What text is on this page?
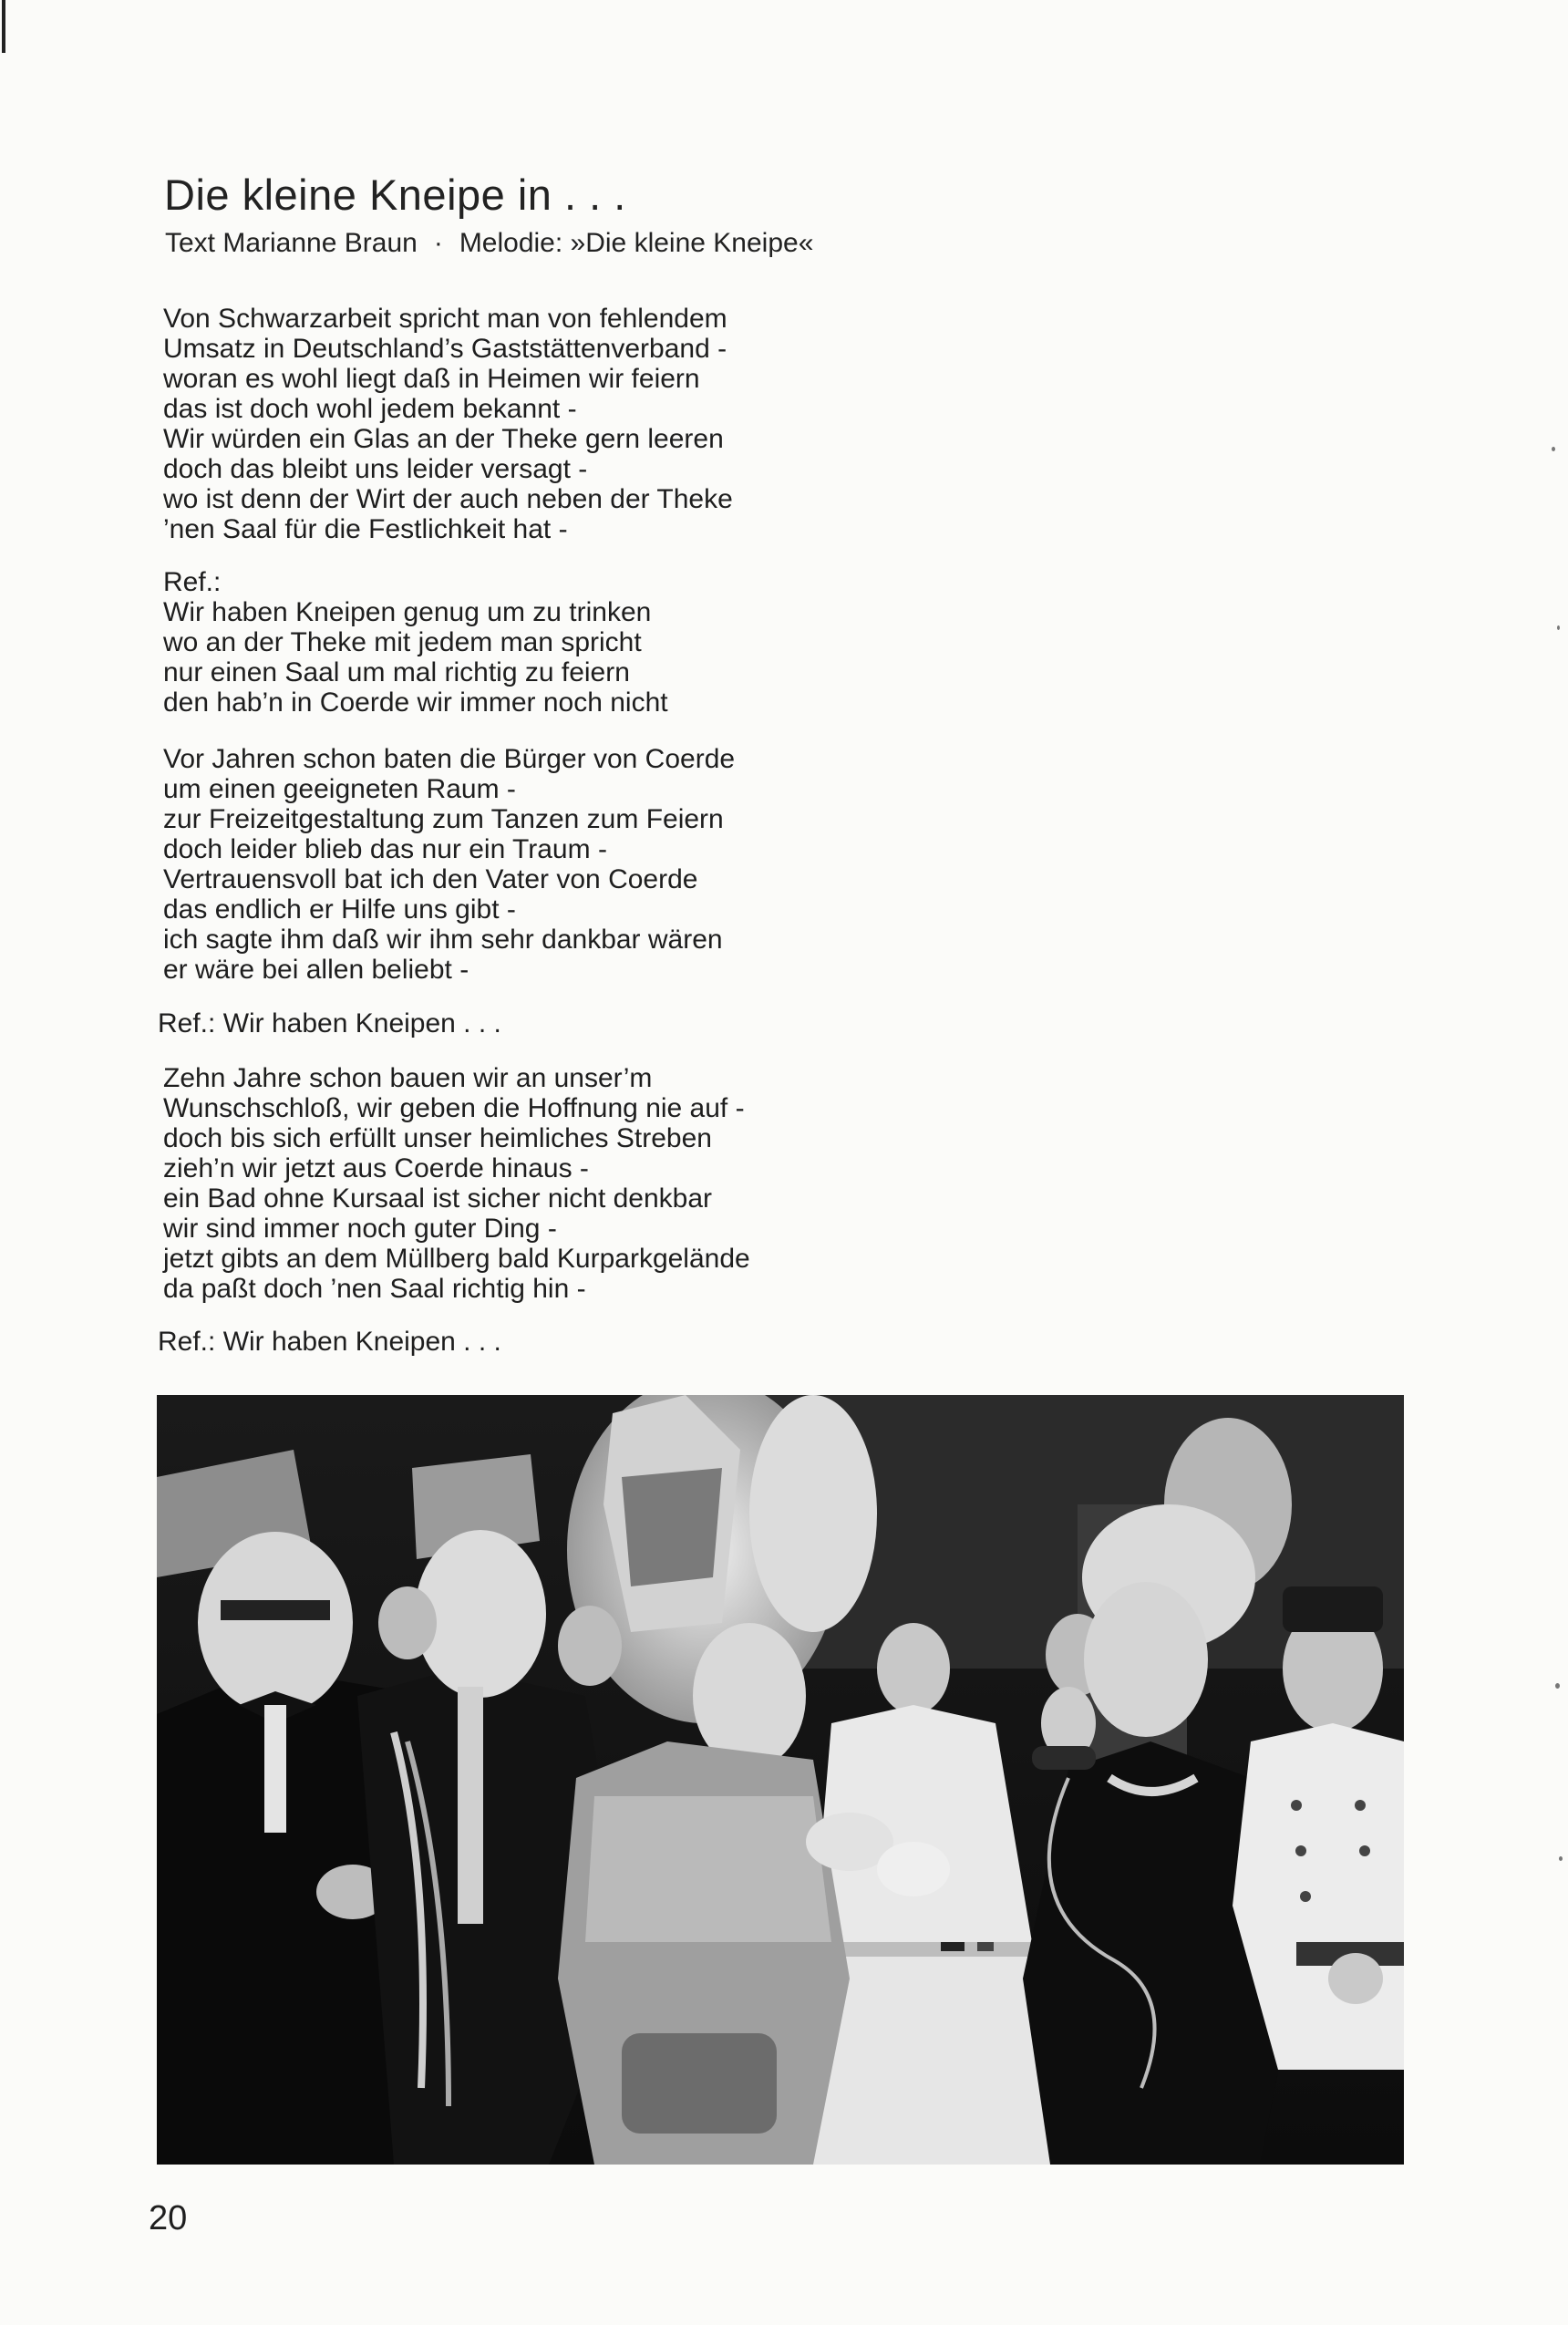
Die kleine Kneipe in . . .
Text Marianne Braun · Melodie: »Die kleine Kneipe«
Von Schwarzarbeit spricht man von fehlendem
Umsatz in Deutschland’s Gaststättenverband -
woran es wohl liegt daß in Heimen wir feiern
das ist doch wohl jedem bekannt -
Wir würden ein Glas an der Theke gern leeren
doch das bleibt uns leider versagt -
wo ist denn der Wirt der auch neben der Theke
’nen Saal für die Festlichkeit hat -
Ref.:
Wir haben Kneipen genug um zu trinken
wo an der Theke mit jedem man spricht
nur einen Saal um mal richtig zu feiern
den hab’n in Coerde wir immer noch nicht
Vor Jahren schon baten die Bürger von Coerde
um einen geeigneten Raum -
zur Freizeitgestaltung zum Tanzen zum Feiern
doch leider blieb das nur ein Traum -
Vertrauensvoll bat ich den Vater von Coerde
das endlich er Hilfe uns gibt -
ich sagte ihm daß wir ihm sehr dankbar wären
er wäre bei allen beliebt -
Ref.: Wir haben Kneipen . . .
Zehn Jahre schon bauen wir an unser’m
Wunschschloß, wir geben die Hoffnung nie auf -
doch bis sich erfüllt unser heimliches Streben
zieh’n wir jetzt aus Coerde hinaus -
ein Bad ohne Kursaal ist sicher nicht denkbar
wir sind immer noch guter Ding -
jetzt gibts an dem Müllberg bald Kurparkgelände
da paßt doch ’nen Saal richtig hin -
Ref.: Wir haben Kneipen . . .
20
